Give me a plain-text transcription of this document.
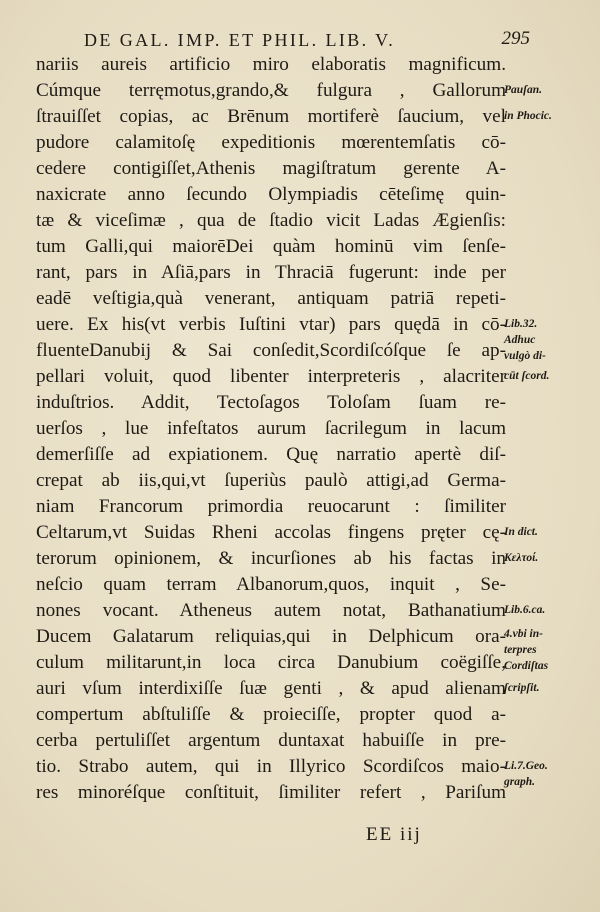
DE GAL. IMP. ET PHIL. LIB. V.	295
nariis aureis artificio miro elaboratis magnificum.
Cúmque terręmotus,grando,& fulgura , Gallorum
ſtrauiſſet copias, ac Brēnum mortiferè ſaucium, vel
pudore calamitoſę expeditionis mœrentemſatis cō-
cedere contigiſſet,Athenis magiſtratum gerente A-
naxicrate anno ſecundo Olympiadis cēteſimę quin-
tæ & viceſimæ , qua de ſtadio vicit Ladas Ægienſis:
tum Galli,qui maiorēDei quàm hominū vim ſenſe-
rant, pars in Aſiā,pars in Thraciā fugerunt: inde per
eadē veſtigia,quà venerant, antiquam patriā repeti-
uere. Ex his(vt verbis Iuſtini vtar) pars quędā in cō-
fluenteDanubij & Sai conſedit,Scordiſcóſque ſe ap-
pellari voluit, quod libenter interpreteris , alacriter
induſtrios. Addit, Tectoſagos Toloſam ſuam re-
uerſos , lue infeſtatos aurum ſacrilegum in lacum
demerſiſſe ad expiationem. Quę narratio apertè diſ-
crepat ab iis,qui,vt ſuperiùs paulò attigi,ad Germa-
niam Francorum primordia reuocarunt : ſimiliter
Celtarum,vt Suidas Rheni accolas fingens pręter cę-
terorum opinionem, & incurſiones ab his factas in
neſcio quam terram Albanorum,quos, inquit , Se-
nones vocant. Atheneus autem notat, Bathanatium
Ducem Galatarum reliquias,qui in Delphicum ora-
culum militarunt,in loca circa Danubium coëgiſſe,
auri vſum interdixiſſe ſuæ genti , & apud alienam
compertum abſtuliſſe & proieciſſe, propter quod a-
cerba pertuliſſet argentum duntaxat habuiſſe in pre-
tio. Strabo autem, qui in Illyrico Scordiſcos maio-
res minoréſque conſtituit, ſimiliter refert , Pariſum
Pauſan.
in Phocic.
Lib.32.
Adhuc
vulgò di-
cūt ſcord.
In dict.
Κελτοί.
Lib.6.ca.
4.vbi in-
terpres
Cordiſtas
ſcripſit.
Li.7.Geo.
graph.
EE iij
